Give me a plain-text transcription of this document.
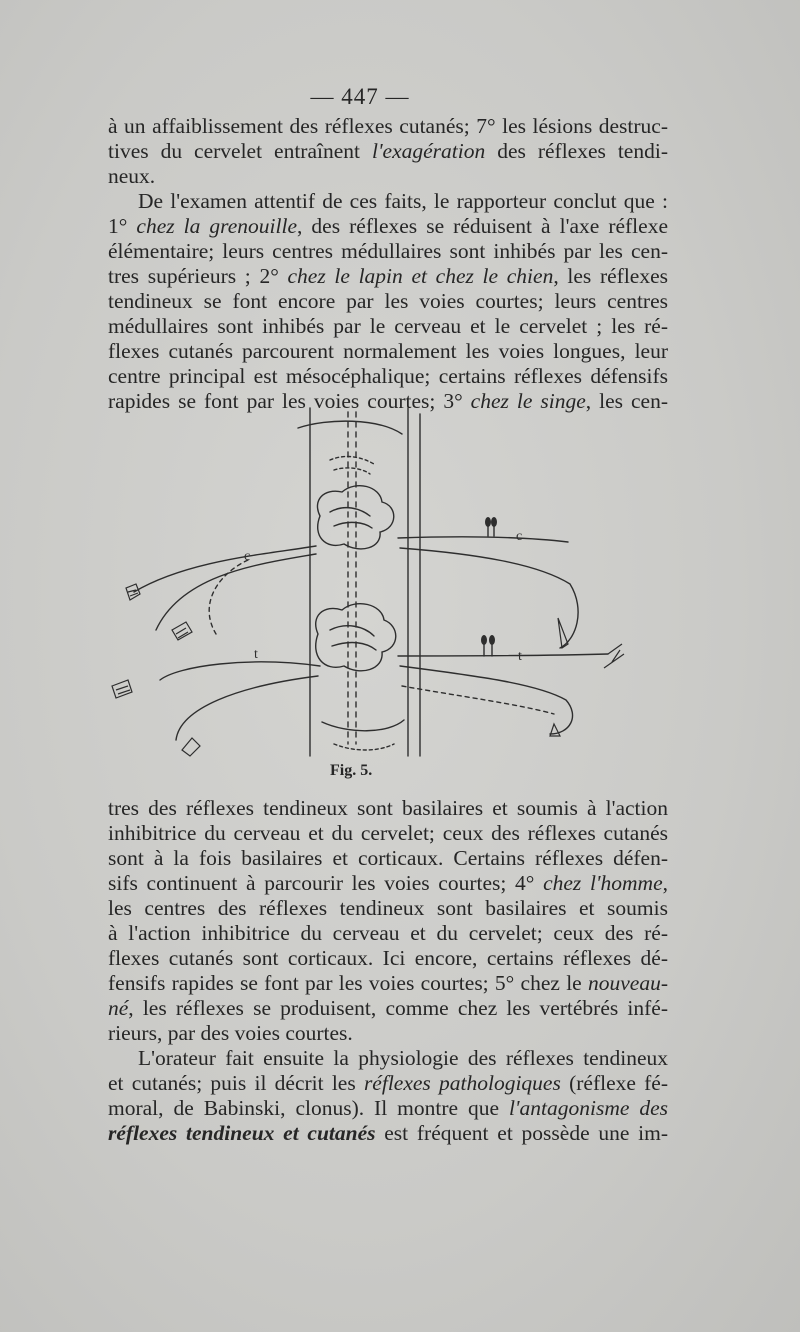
— 447 —

à un affaiblissement des réflexes cutanés; 7° les lésions destruc-
tives du cervelet entraînent l'exagération des réflexes tendi-
neux.

De l'examen attentif de ces faits, le rapporteur conclut que :
1° chez la grenouille, des réflexes se réduisent à l'axe réflexe
élémentaire; leurs centres médullaires sont inhibés par les cen-
tres supérieurs ; 2° chez le lapin et chez le chien, les réflexes
tendineux se font encore par les voies courtes; leurs centres
médullaires sont inhibés par le cerveau et le cervelet ; les ré-
flexes cutanés parcourent normalement les voies longues, leur
centre principal est mésocéphalique; certains réflexes défensifs
rapides se font par les voies courtes; 3° chez le singe, les cen-

c
c
t	t
Fig. 5.

tres des réflexes tendineux sont basilaires et soumis à l'action
inhibitrice du cerveau et du cervelet; ceux des réflexes cutanés
sont à la fois basilaires et corticaux. Certains réflexes défen-
sifs continuent à parcourir les voies courtes; 4° chez l'homme,
les centres des réflexes tendineux sont basilaires et soumis
à l'action inhibitrice du cerveau et du cervelet; ceux des ré-
flexes cutanés sont corticaux. Ici encore, certains réflexes dé-
fensifs rapides se font par les voies courtes; 5° chez le nouveau-
né, les réflexes se produisent, comme chez les vertébrés infé-
rieurs, par des voies courtes.

L'orateur fait ensuite la physiologie des réflexes tendineux
et cutanés; puis il décrit les réflexes pathologiques (réflexe fé-
moral, de Babinski, clonus). Il montre que l'antagonisme des
réflexes tendineux et cutanés est fréquent et possède une im-
